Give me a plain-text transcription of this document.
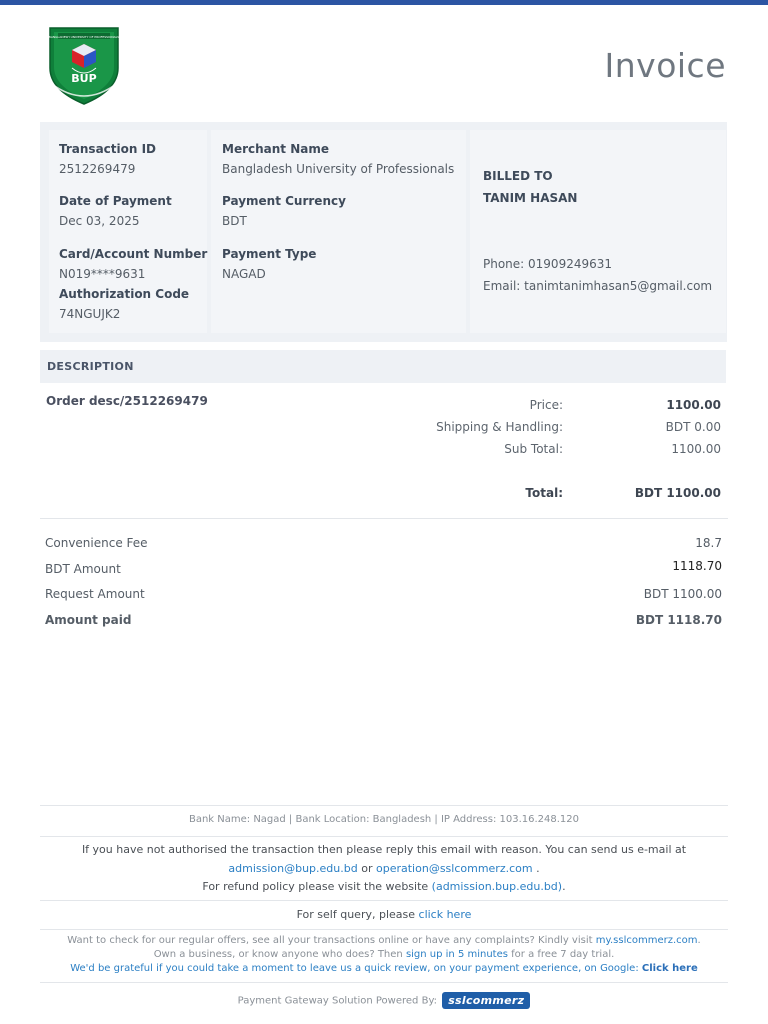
BANGLADESH UNIVERSITY OF PROFESSIONALS
BUP	Invoice
Transaction ID
2512269479
Date of Payment
Dec 03, 2025
Card/Account Number
N019****9631
Authorization Code
74NGUJK2
Merchant Name
Bangladesh University of Professionals
Payment Currency
BDT
Payment Type
NAGAD
BILLED TO
TANIM HASAN
Phone: 01909249631
Email: tanimtanimhasan5@gmail.com
DESCRIPTION
Order desc/2512269479	Price:	1100.00
Shipping & Handling:	BDT 0.00
Sub Total:	1100.00
Total:	BDT 1100.00
Convenience Fee	18.7
BDT Amount	1118.70
Request Amount	BDT 1100.00
Amount paid	BDT 1118.70
Bank Name: Nagad | Bank Location: Bangladesh | IP Address: 103.16.248.120
If you have not authorised the transaction then please reply this email with reason. You can send us e-mail at
admission@bup.edu.bd or operation@sslcommerz.com .
For refund policy please visit the website (admission.bup.edu.bd).
For self query, please click here
Want to check for our regular offers, see all your transactions online or have any complaints? Kindly visit my.sslcommerz.com.
Own a business, or know anyone who does? Then sign up in 5 minutes for a free 7 day trial.
We'd be grateful if you could take a moment to leave us a quick review, on your payment experience, on Google: Click here
Payment Gateway Solution Powered By: sslcommerz
